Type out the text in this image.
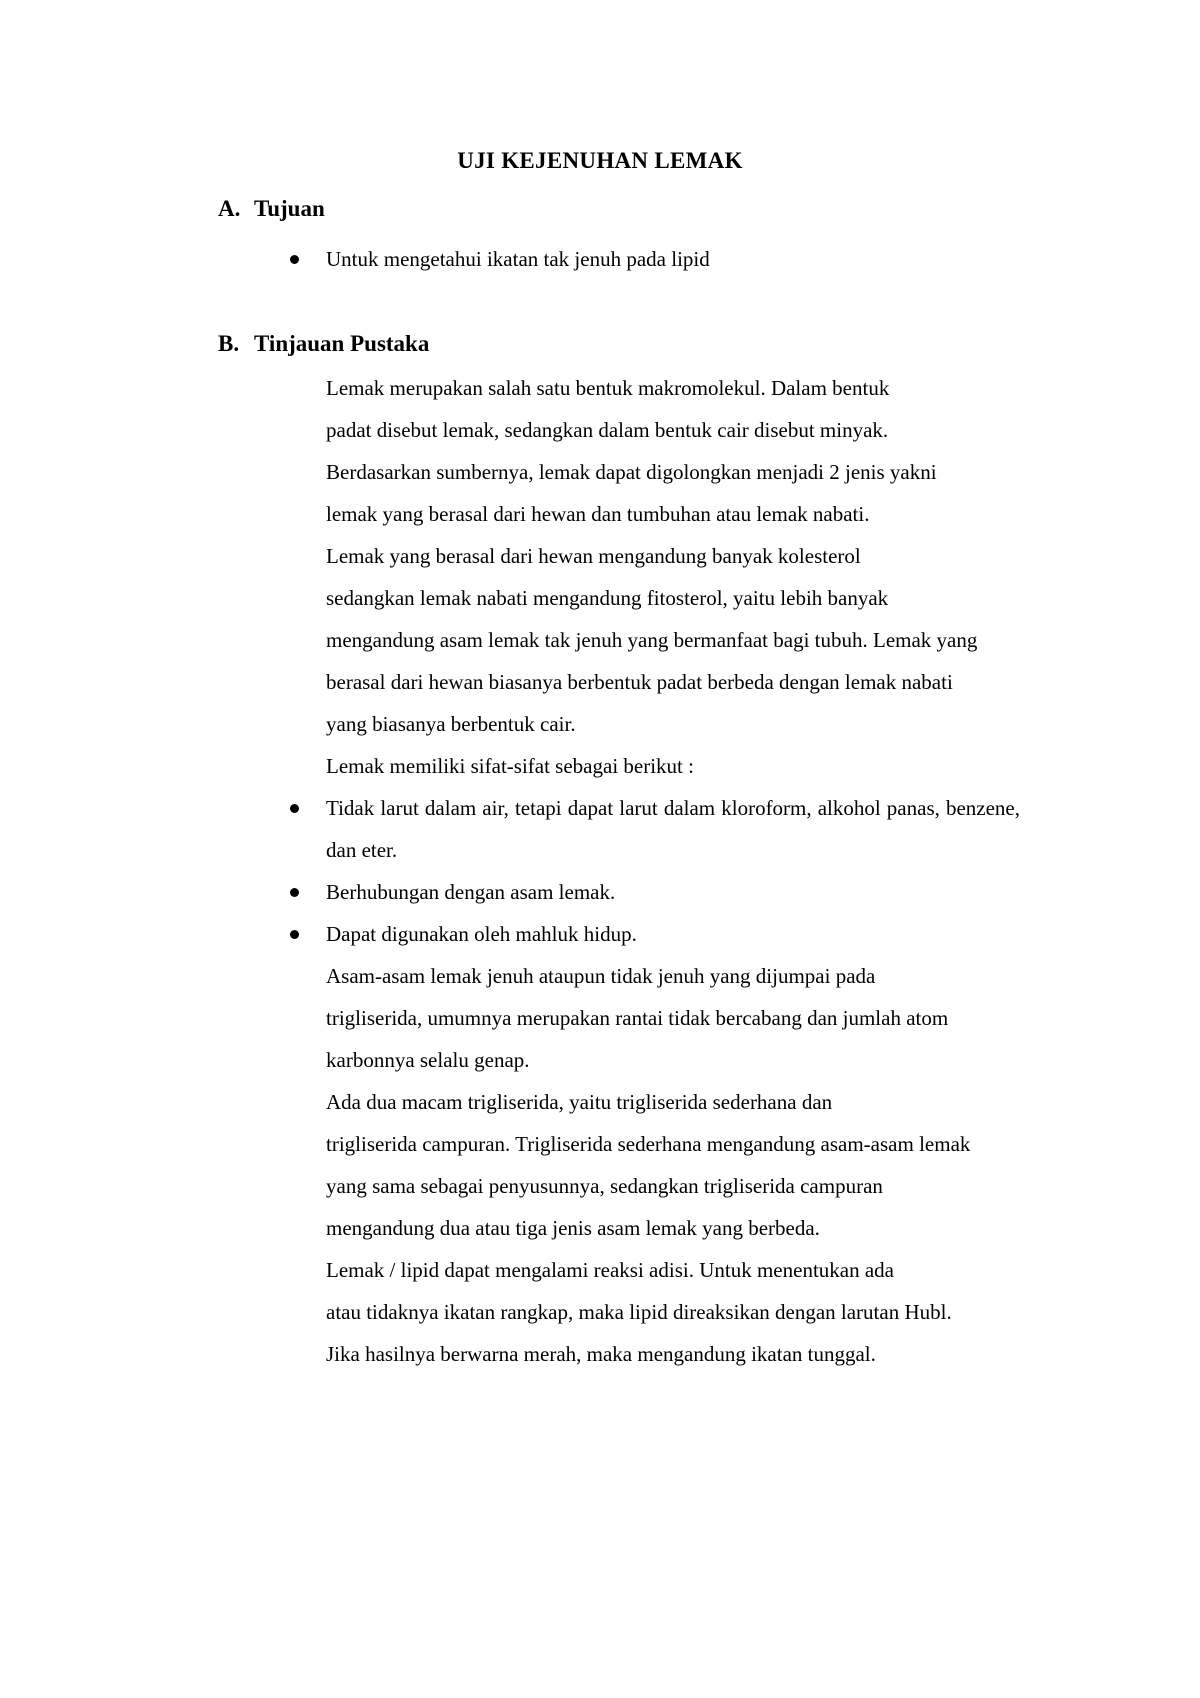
UJI KEJENUHAN LEMAK
A. Tujuan
Untuk mengetahui ikatan tak jenuh pada lipid
B. Tinjauan Pustaka

Lemak merupakan salah satu bentuk makromolekul. Dalam bentuk
padat disebut lemak, sedangkan dalam bentuk cair disebut minyak.
Berdasarkan sumbernya, lemak dapat digolongkan menjadi 2 jenis yakni
lemak yang berasal dari hewan dan tumbuhan atau lemak nabati.

Lemak yang berasal dari hewan mengandung banyak kolesterol
sedangkan lemak nabati mengandung fitosterol, yaitu lebih banyak
mengandung asam lemak tak jenuh yang bermanfaat bagi tubuh. Lemak yang
berasal dari hewan biasanya berbentuk padat berbeda dengan lemak nabati
yang biasanya berbentuk cair.

Lemak memiliki sifat-sifat sebagai berikut :

Tidak larut dalam air, tetapi dapat larut dalam kloroform, alkohol panas, benzene, dan eter.
Berhubungan dengan asam lemak.
Dapat digunakan oleh mahluk hidup.

Asam-asam lemak jenuh ataupun tidak jenuh yang dijumpai pada
trigliserida, umumnya merupakan rantai tidak bercabang dan jumlah atom
karbonnya selalu genap.

Ada dua macam trigliserida, yaitu trigliserida sederhana dan
trigliserida campuran. Trigliserida sederhana mengandung asam-asam lemak
yang sama sebagai penyusunnya, sedangkan trigliserida campuran
mengandung dua atau tiga jenis asam lemak yang berbeda.

Lemak / lipid dapat mengalami reaksi adisi. Untuk menentukan ada
atau tidaknya ikatan rangkap, maka lipid direaksikan dengan larutan Hubl.
Jika hasilnya berwarna merah, maka mengandung ikatan tunggal.
